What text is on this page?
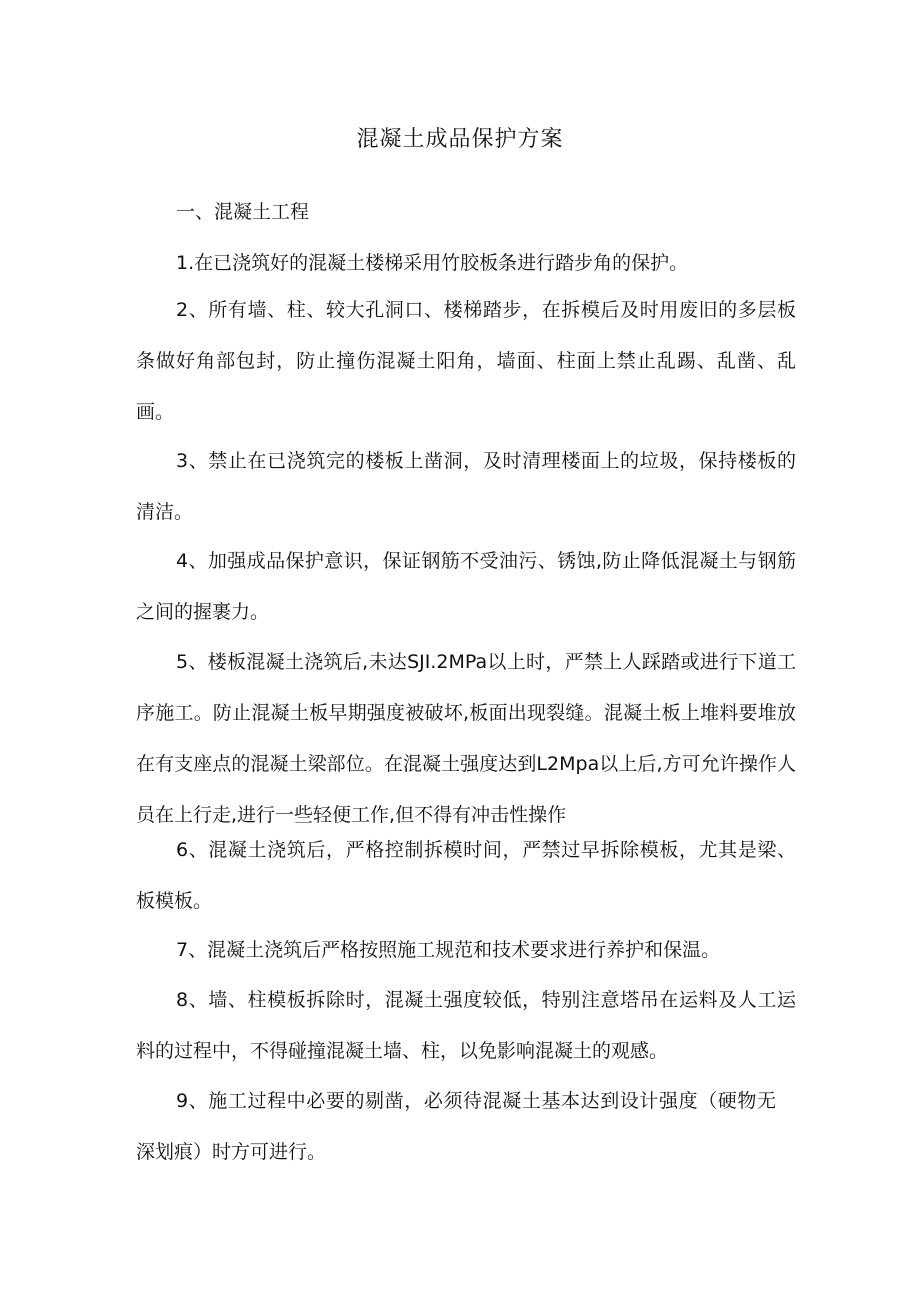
混凝土成品保护方案
一、混凝土工程

1.在已浇筑好的混凝土楼梯采用竹胶板条进行踏步角的保护。

2、所有墙、柱、较大孔洞口、楼梯踏步，在拆模后及时用废旧的多层板条做好角部包封，防止撞伤混凝土阳角，墙面、柱面上禁止乱踢、乱凿、乱画。

3、禁止在已浇筑完的楼板上凿洞，及时清理楼面上的垃圾，保持楼板的清洁。

4、加强成品保护意识，保证钢筋不受油污、锈蚀,防止降低混凝土与钢筋之间的握裹力。

5、楼板混凝土浇筑后,未达SJI.2MPa以上时，严禁上人踩踏或进行下道工序施工。防止混凝土板早期强度被破坏,板面出现裂缝。混凝土板上堆料要堆放在有支座点的混凝土梁部位。在混凝土强度达到L2Mpa以上后,方可允许操作人员在上行走,进行一些轻便工作,但不得有冲击性操作

6、混凝土浇筑后，严格控制拆模时间，严禁过早拆除模板，尤其是梁、板模板。

7、混凝土浇筑后严格按照施工规范和技术要求进行养护和保温。

8、墙、柱模板拆除时，混凝土强度较低，特别注意塔吊在运料及人工运料的过程中，不得碰撞混凝土墙、柱，以免影响混凝土的观感。

9、施工过程中必要的剔凿，必须待混凝土基本达到设计强度（硬物无深划痕）时方可进行。
